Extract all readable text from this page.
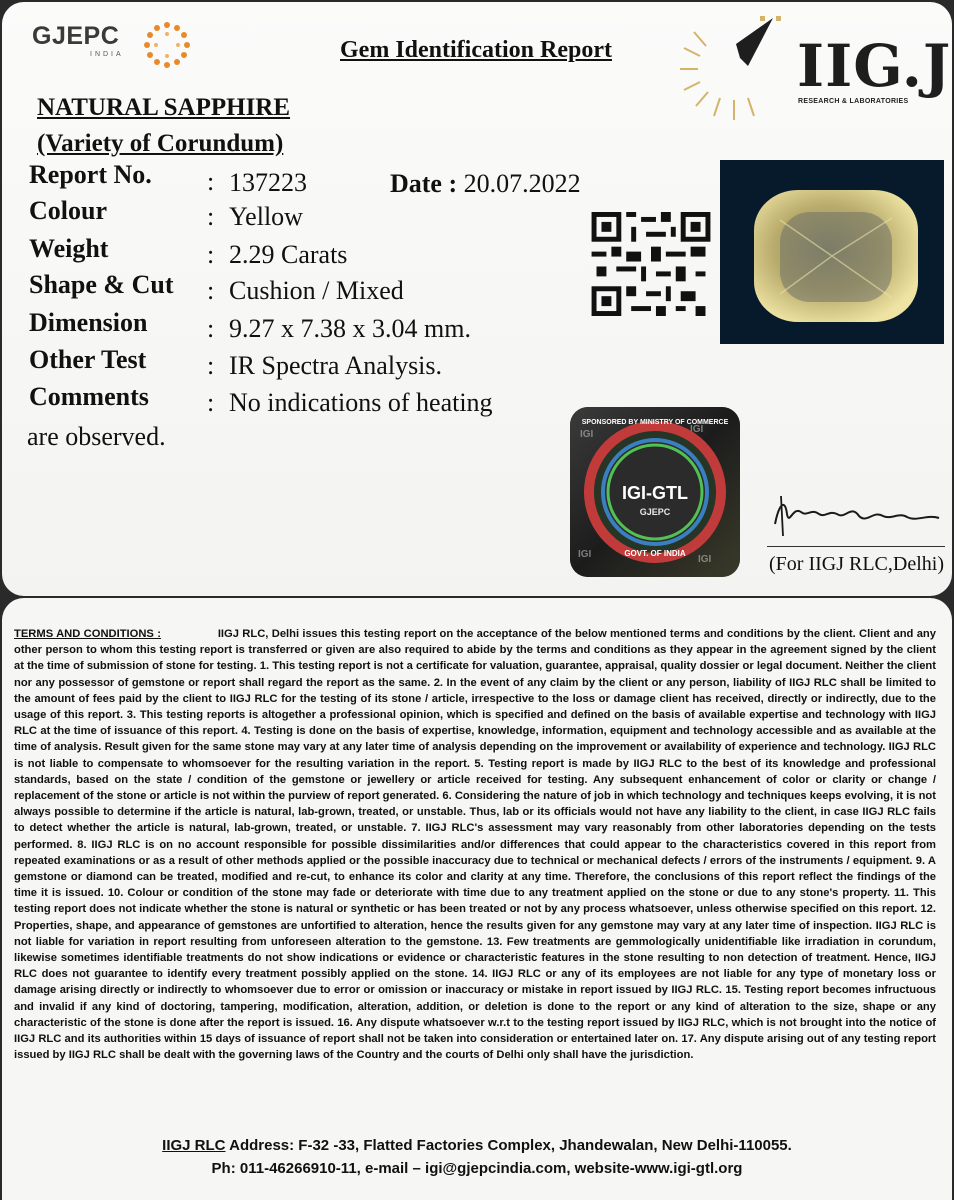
GJEPC
INDIA	Gem Identification Report	IIG.J
RESEARCH & LABORATORIES
NATURAL SAPPHIRE
(Variety of Corundum)
Report No. : 137223	Date : 20.07.2022
Colour	: Yellow
Weight	: 2.29 Carats
Shape & Cut : Cushion / Mixed
Dimension : 9.27 x 7.38 x 3.04 mm.
Other Test : IR Spectra Analysis.
Comments : No indications of heating
are observed.	IGI	IGI
IGI	IGI
IGI-GTL
GJEPC
SPONSORED BY MINISTRY OF COMMERCE
GOVT. OF INDIA	(For IIGJ RLC,Delhi)
TERMS AND CONDITIONS :	IIGJ RLC, Delhi issues this testing report on the acceptance of the below mentioned terms and conditions by the client. Client and any other person to whom this testing report is transferred or given are also required to abide by the terms and conditions as they appear in the agreement signed by the client at the time of submission of stone for testing. 1. This testing report is not a certificate for valuation, guarantee, appraisal, quality dossier or legal document. Neither the client nor any possessor of gemstone or report shall regard the report as the same. 2. In the event of any claim by the client or any person, liability of IIGJ RLC shall be limited to the amount of fees paid by the client to IIGJ RLC for the testing of its stone / article, irrespective to the loss or damage client has received, directly or indirectly, due to the usage of this report. 3. This testing reports is altogether a professional opinion, which is specified and defined on the basis of available expertise and technology with IIGJ RLC at the time of issuance of this report. 4. Testing is done on the basis of expertise, knowledge, information, equipment and technology accessible and as available at the time of analysis. Result given for the same stone may vary at any later time of analysis depending on the improvement or availability of experience and technology. IIGJ RLC is not liable to compensate to whomsoever for the resulting variation in the report. 5. Testing report is made by IIGJ RLC to the best of its knowledge and professional standards, based on the state / condition of the gemstone or jewellery or article received for testing. Any subsequent enhancement of color or clarity or change / replacement of the stone or article is not within the purview of report generated. 6. Considering the nature of job in which technology and techniques keeps evolving, it is not always possible to determine if the article is natural, lab-grown, treated, or unstable. Thus, lab or its officials would not have any liability to the client, in case IIGJ RLC fails to detect whether the article is natural, lab-grown, treated, or unstable. 7. IIGJ RLC's assessment may vary reasonably from other laboratories depending on the tests performed. 8. IIGJ RLC is on no account responsible for possible dissimilarities and/or differences that could appear to the characteristics covered in this report from repeated examinations or as a result of other methods applied or the possible inaccuracy due to technical or mechanical defects / errors of the instruments / equipment. 9. A gemstone or diamond can be treated, modified and re-cut, to enhance its color and clarity at any time. Therefore, the conclusions of this report reflect the findings of the time it is issued. 10. Colour or condition of the stone may fade or deteriorate with time due to any treatment applied on the stone or due to any stone's property. 11. This testing report does not indicate whether the stone is natural or synthetic or has been treated or not by any process whatsoever, unless otherwise specified on this report. 12. Properties, shape, and appearance of gemstones are unfortified to alteration, hence the results given for any gemstone may vary at any later time of inspection. IIGJ RLC is not liable for variation in report resulting from unforeseen alteration to the gemstone. 13. Few treatments are gemmologically unidentifiable like irradiation in corundum, likewise sometimes identifiable treatments do not show indications or evidence or characteristic features in the stone resulting to non detection of treatment. Hence, IIGJ RLC does not guarantee to identify every treatment possibly applied on the stone. 14. IIGJ RLC or any of its employees are not liable for any type of monetary loss or damage arising directly or indirectly to whomsoever due to error or omission or inaccuracy or mistake in report issued by IIGJ RLC. 15. Testing report becomes infructuous and invalid if any kind of doctoring, tampering, modification, alteration, addition, or deletion is done to the report or any kind of alteration to the size, shape or any characteristic of the stone is done after the report is issued. 16. Any dispute whatsoever w.r.t to the testing report issued by IIGJ RLC, which is not brought into the notice of IIGJ RLC and its authorities within 15 days of issuance of report shall not be taken into consideration or entertained later on. 17. Any dispute arising out of any testing report issued by IIGJ RLC shall be dealt with the governing laws of the Country and the courts of Delhi only shall have the jurisdiction.
IIGJ RLC Address: F-32 -33, Flatted Factories Complex, Jhandewalan, New Delhi-110055.
Ph: 011-46266910-11, e-mail – igi@gjepcindia.com, website-www.igi-gtl.org
